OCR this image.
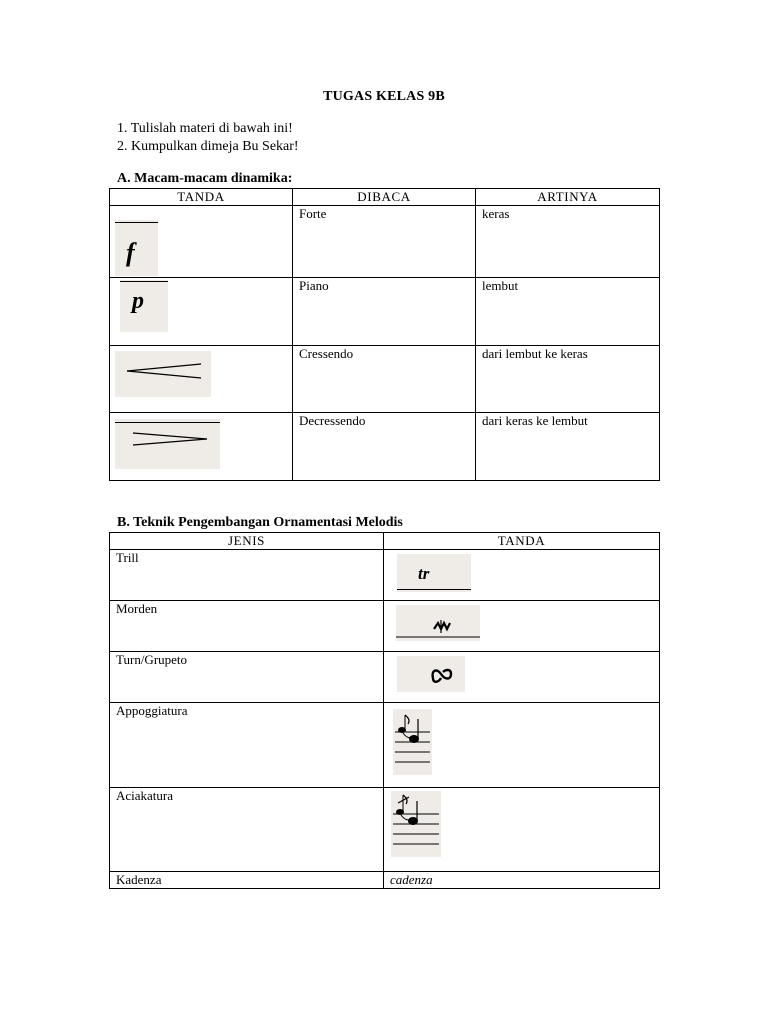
TUGAS KELAS 9B
1. Tulislah materi di bawah ini!
2. Kumpulkan dimeja Bu Sekar!
A. Macam-macam dinamika:
TANDA	DIBACA	ARTINYA

f	Forte	keras

p	Piano	lembut

	Cressendo	dari lembut ke keras

	Decressendo	dari keras ke lembut
B. Teknik Pengembangan Ornamentasi Melodis
JENIS	TANDA
Trill	tr

Morden	

Turn/Grupeto	

Appoggiatura	

Aciakatura	

Kadenza	cadenza
